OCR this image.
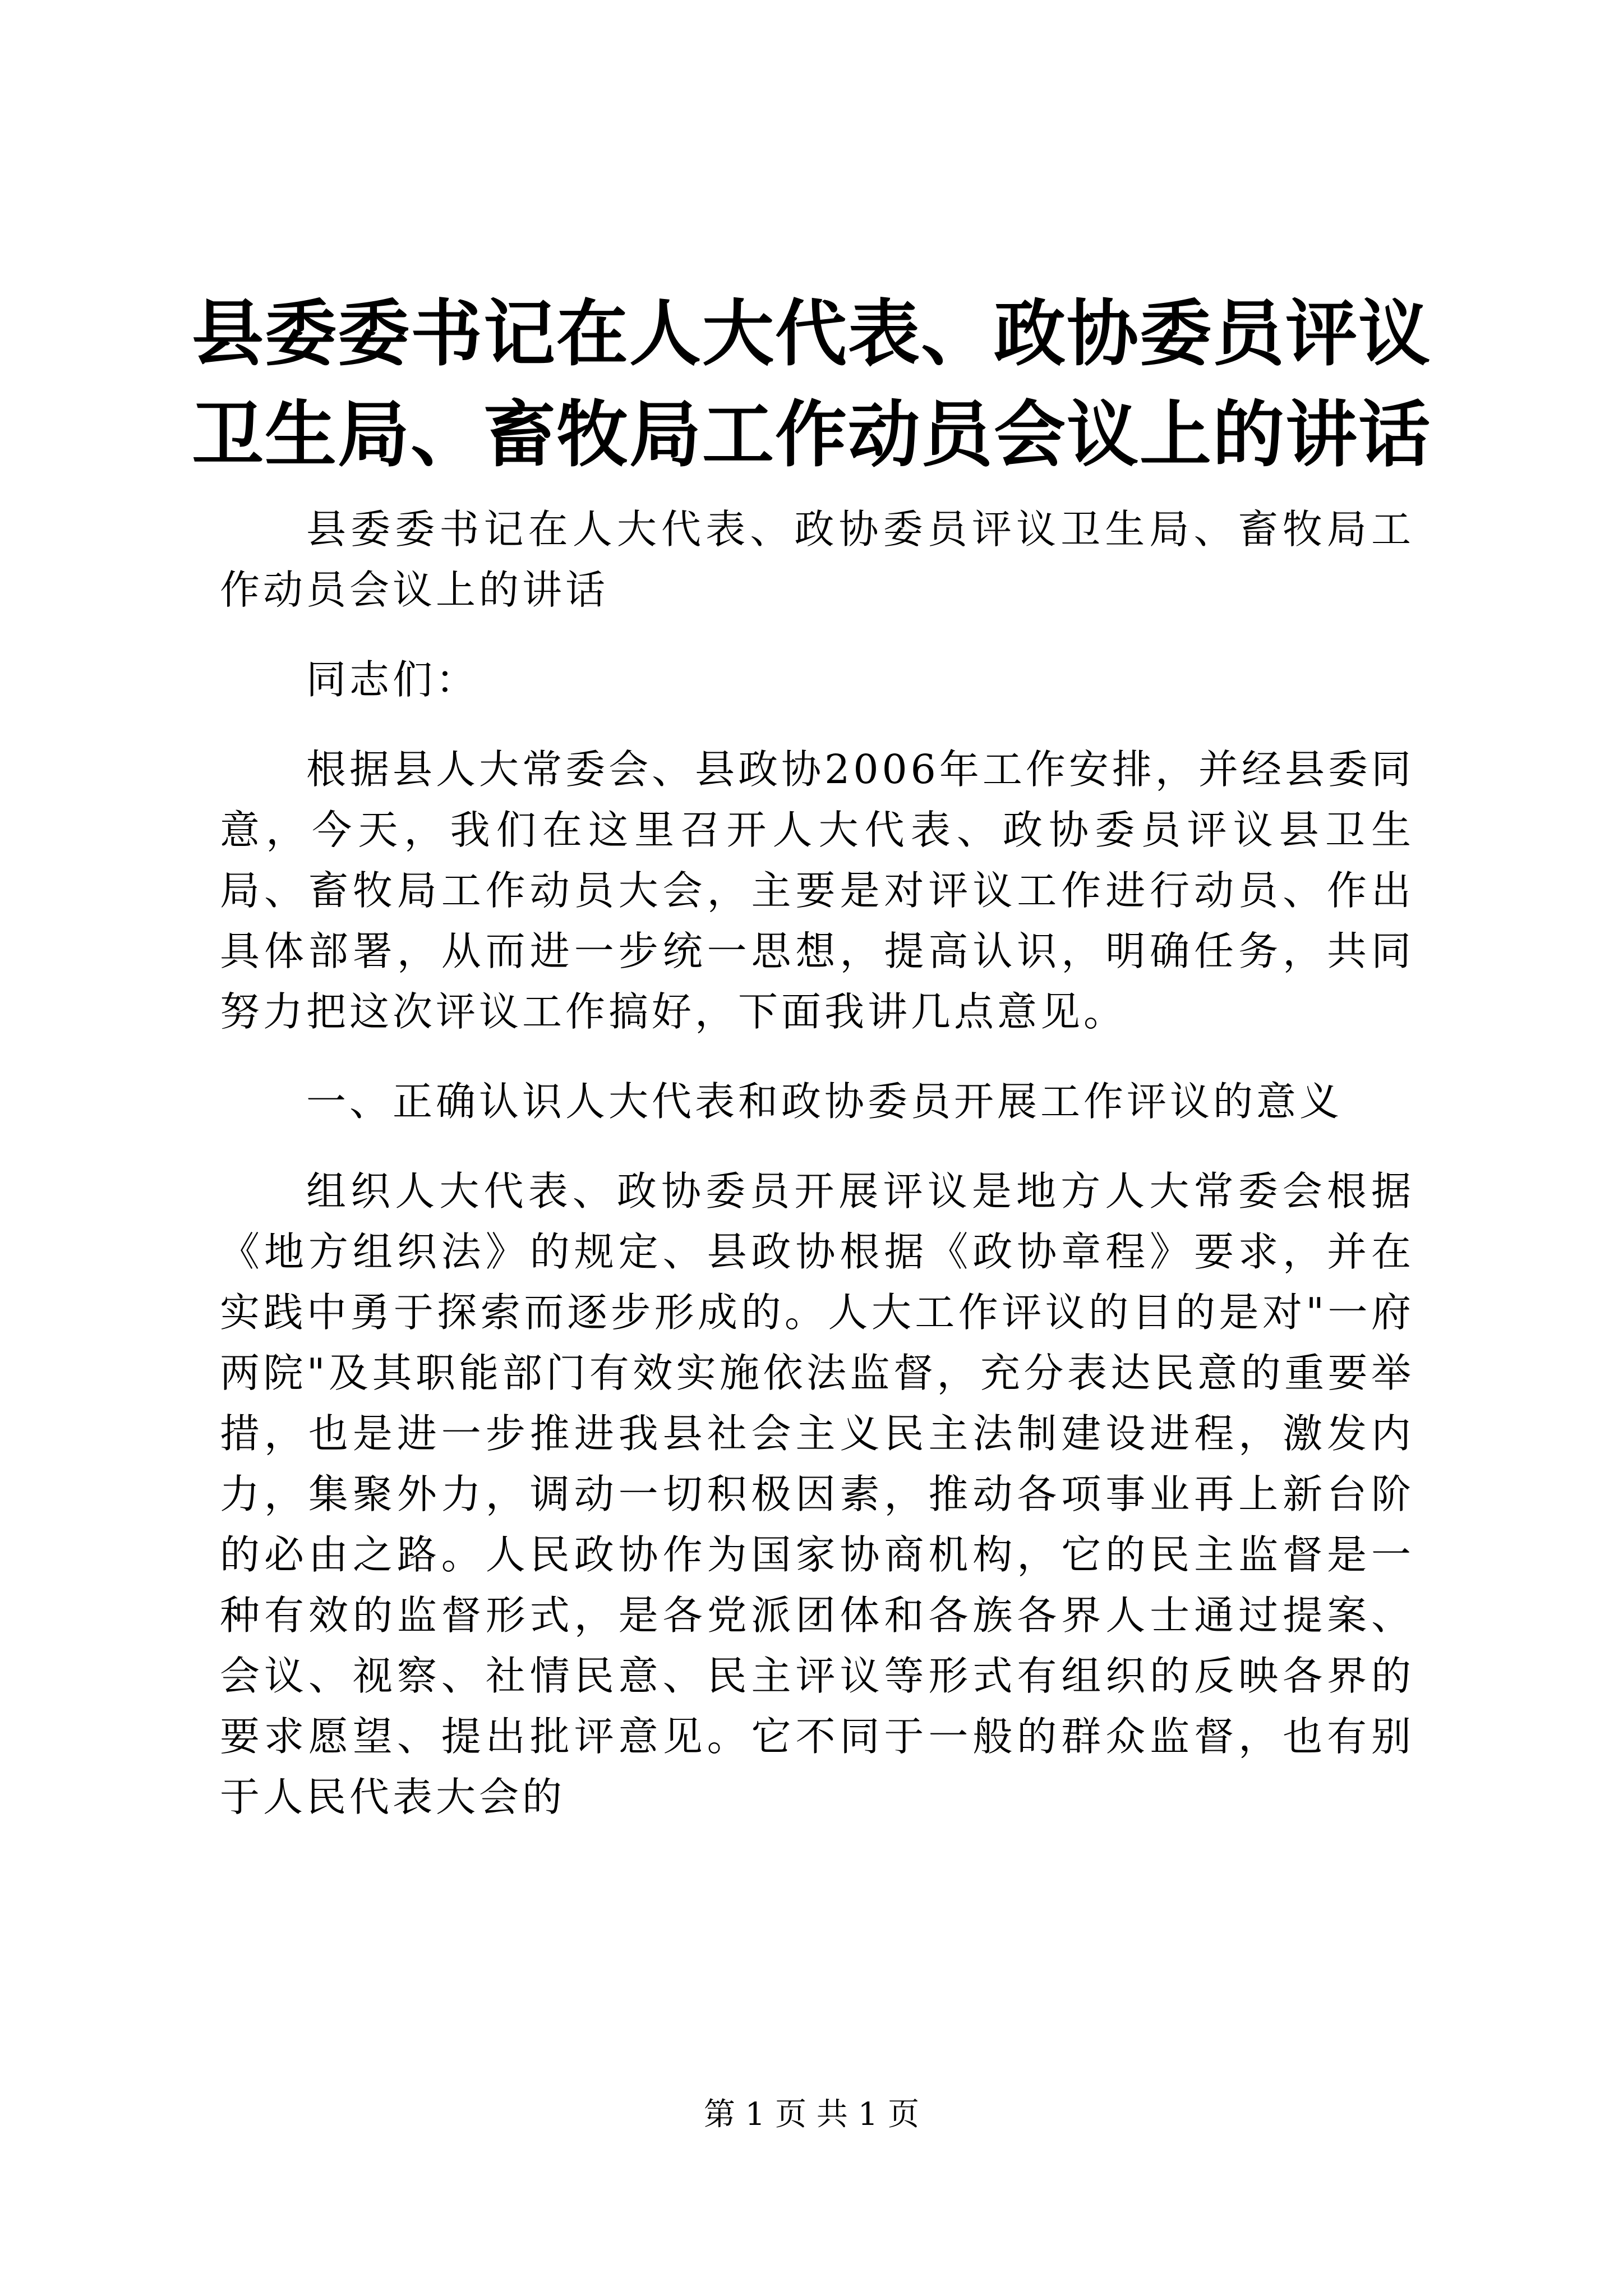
县委委书记在人大代表、政协委员评议卫生局、畜牧局工作动员会议上的讲话

县委委书记在人大代表、政协委员评议卫生局、畜牧局工作动员会议上的讲话

同志们：

根据县人大常委会、县政协2006年工作安排，并经县委同意，今天，我们在这里召开人大代表、政协委员评议县卫生局、畜牧局工作动员大会，主要是对评议工作进行动员、作出具体部署，从而进一步统一思想，提高认识，明确任务，共同努力把这次评议工作搞好，下面我讲几点意见。

一、正确认识人大代表和政协委员开展工作评议的意义

组织人大代表、政协委员开展评议是地方人大常委会根据《地方组织法》的规定、县政协根据《政协章程》要求，并在实践中勇于探索而逐步形成的。人大工作评议的目的是对"一府两院"及其职能部门有效实施依法监督，充分表达民意的重要举措，也是进一步推进我县社会主义民主法制建设进程，激发内力，集聚外力，调动一切积极因素，推动各项事业再上新台阶的必由之路。人民政协作为国家协商机构，它的民主监督是一种有效的监督形式，是各党派团体和各族各界人士通过提案、会议、视察、社情民意、民主评议等形式有组织的反映各界的要求愿望、提出批评意见。它不同于一般的群众监督，也有别于人民代表大会的

第 1 页 共 1 页
